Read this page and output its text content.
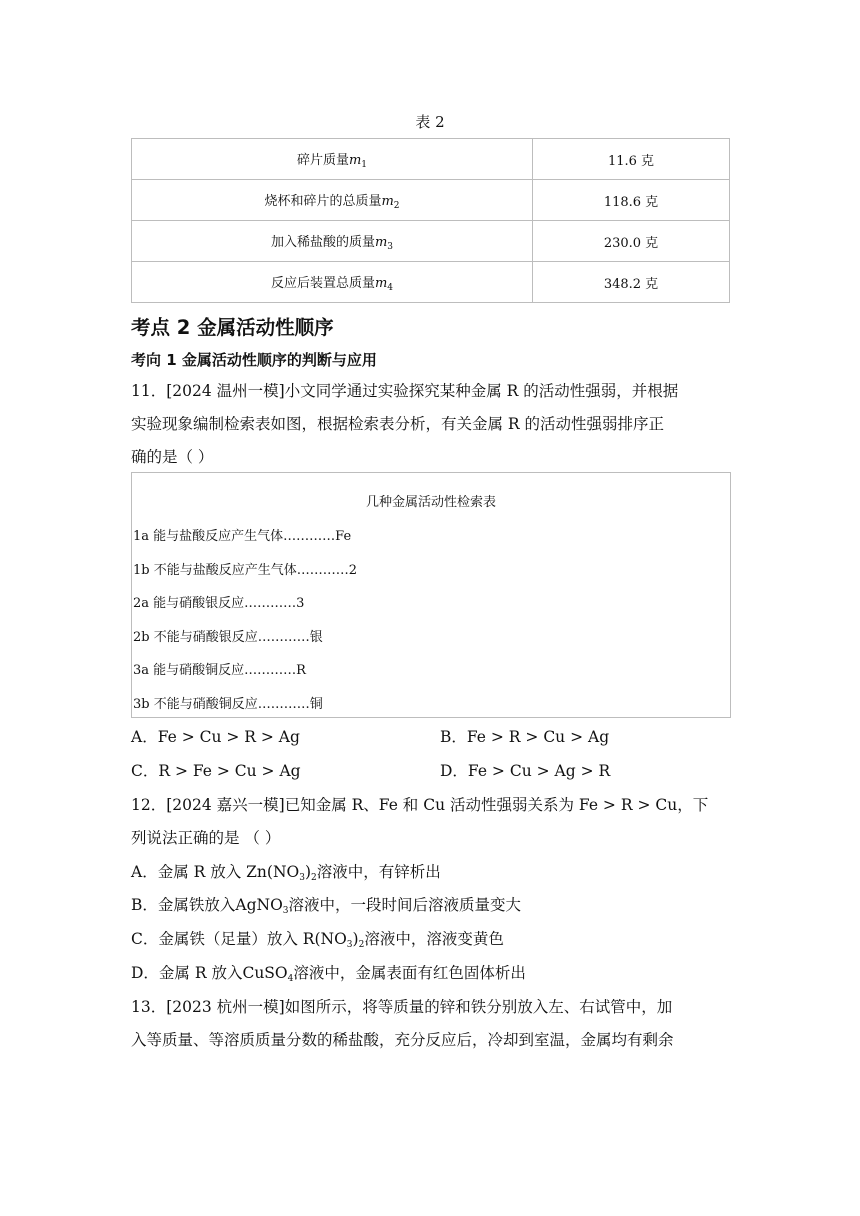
表 2
碎片质量$m_1$	11.6 克
烧杯和碎片的总质量$m_2$	118.6 克
加入稀盐酸的质量$m_3$	230.0 克
反应后装置总质量$m_4$	348.2 克
考点 2 金属活动性顺序
考向 1 金属活动性顺序的判断与应用
11．[2024 温州一模]小文同学通过实验探究某种金属 R 的活动性强弱，并根据
实验现象编制检索表如图，根据检索表分析，有关金属 R 的活动性强弱排序正
确的是（ ）
几种金属活动性检索表
1a 能与盐酸反应产生气体…………Fe
1b 不能与盐酸反应产生气体…………2
2a 能与硝酸银反应…………3
2b 不能与硝酸银反应…………银
3a 能与硝酸铜反应…………R
3b 不能与硝酸铜反应…………铜
A．Fe > Cu > R > Ag	B．Fe > R > Cu > Ag
C．R > Fe > Cu > Ag	D．Fe > Cu > Ag > R
12．[2024 嘉兴一模]已知金属 R、Fe 和 Cu 活动性强弱关系为 Fe > R > Cu，下
列说法正确的是 （ ）
A．金属 R 放入 $Zn(NO_3)_2$溶液中，有锌析出
B．金属铁放入AgNO$_3$溶液中，一段时间后溶液质量变大
C．金属铁（足量）放入 $R(NO_3)_2$溶液中，溶液变黄色
D．金属 R 放入CuSO$_4$溶液中，金属表面有红色固体析出
13．[2023 杭州一模]如图所示，将等质量的锌和铁分别放入左、右试管中，加
入等质量、等溶质质量分数的稀盐酸，充分反应后，冷却到室温，金属均有剩余
